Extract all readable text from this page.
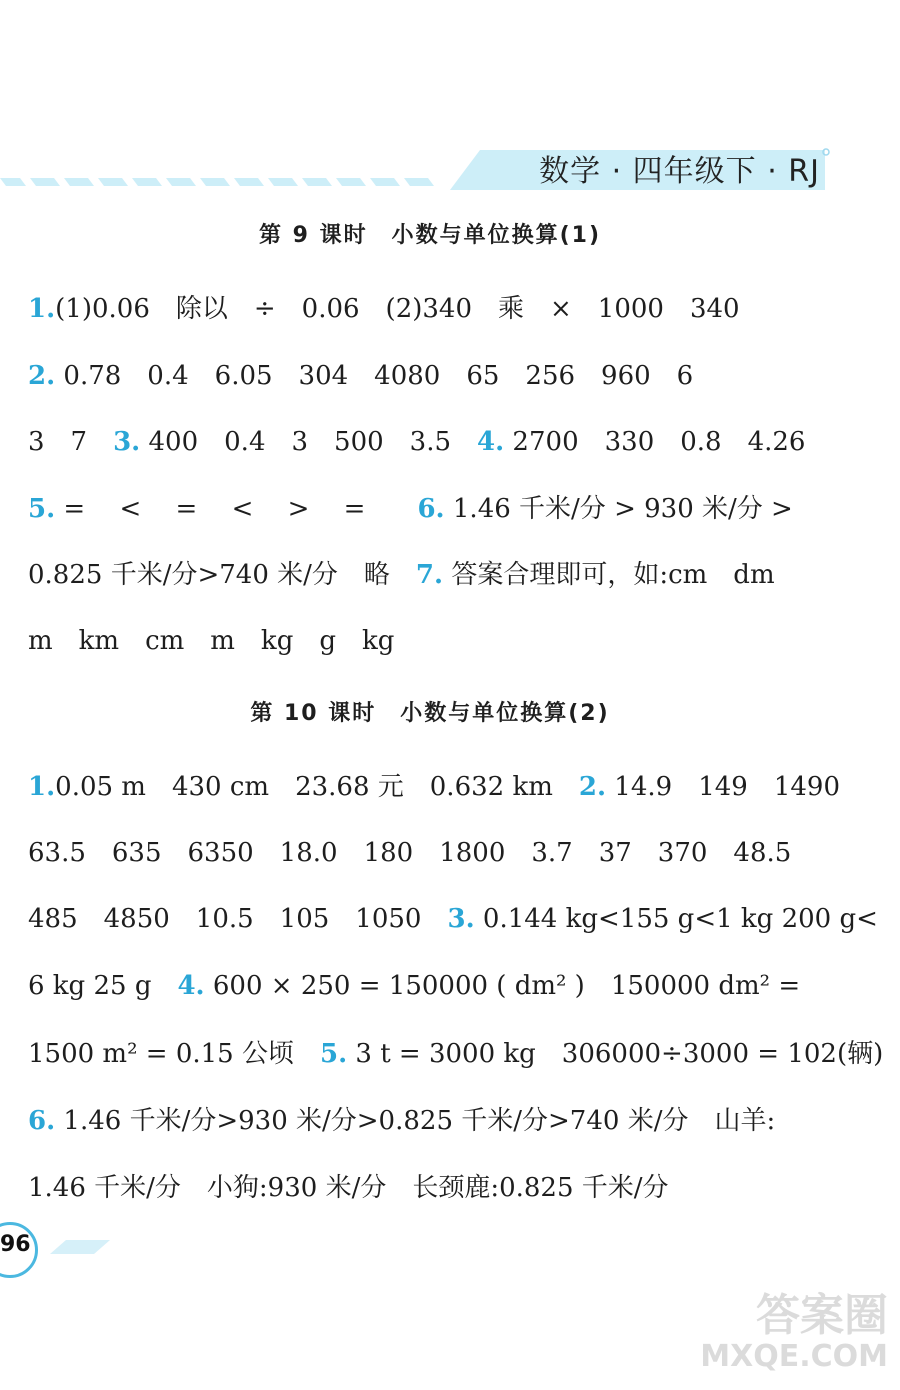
数学 · 四年级下 · RJ
第 9 课时　小数与单位换算(1)
1.(1)0.06　除以　÷　0.06　(2)340　乘　×　1000　340
2. 0.78　0.4　6.05　304　4080　65　256　960　6
3　7　3. 400　0.4　3　500　3.5　4. 2700　330　0.8　4.26
5. =　 <　 =　 <　 >　 =　　6. 1.46 千米/分 > 930 米/分 >
0.825 千米/分>740 米/分　略　7. 答案合理即可，如:cm　dm
m　km　cm　m　kg　g　kg
第 10 课时　小数与单位换算(2)
1.0.05 m　430 cm　23.68 元　0.632 km　2. 14.9　149　1490
63.5　635　6350　18.0　180　1800　3.7　37　370　48.5
485　4850　10.5　105　1050　3. 0.144 kg<155 g<1 kg 200 g<
6 kg 25 g　4. 600 × 250 = 150000 ( dm² )　150000 dm² =
1500 m² = 0.15 公顷　5. 3 t = 3000 kg　306000÷3000 = 102(辆)
6. 1.46 千米/分>930 米/分>0.825 千米/分>740 米/分　山羊:
1.46 千米/分　小狗:930 米/分　长颈鹿:0.825 千米/分
96
答案圈
MXQE.COM
